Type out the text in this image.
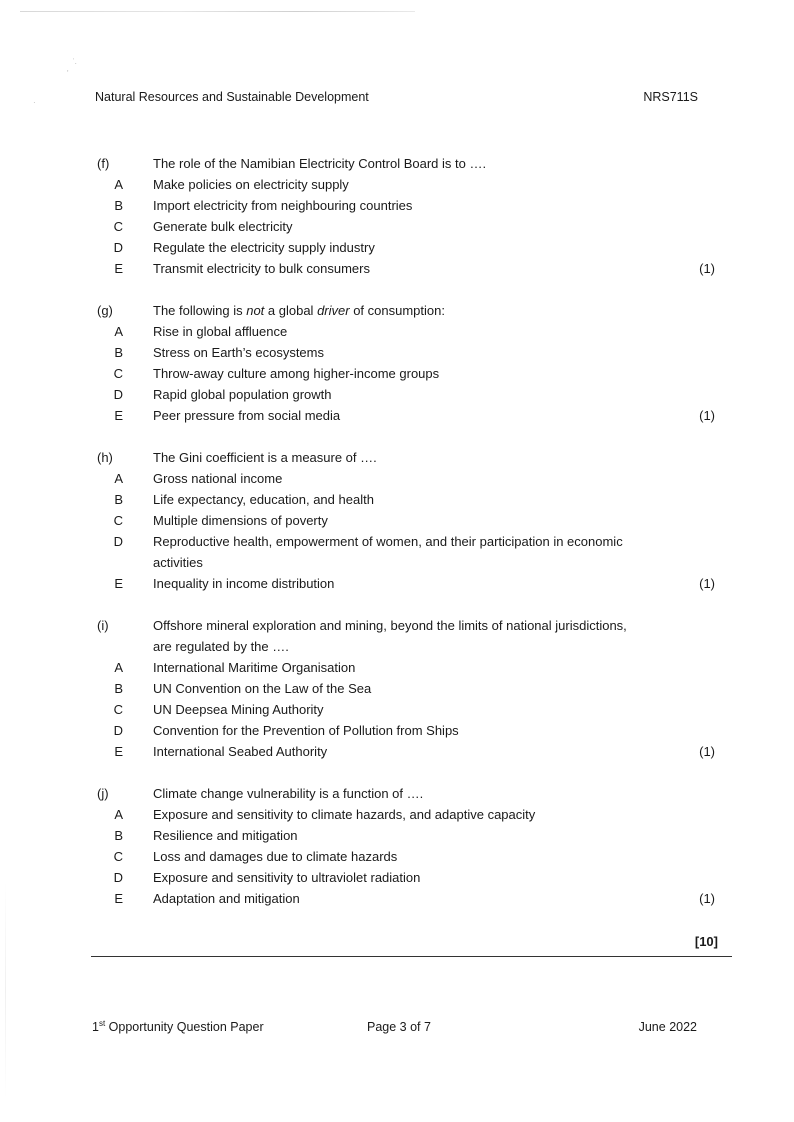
ˈ.
'
·	Natural Resources and Sustainable Development	NRS711S
(f)	The role of the Namibian Electricity Control Board is to ….
A	Make policies on electricity supply
B	Import electricity from neighbouring countries
C	Generate bulk electricity
D	Regulate the electricity supply industry
E	Transmit electricity to bulk consumers	(1)
(g)	The following is not a global driver of consumption:
A	Rise in global affluence
B	Stress on Earth’s ecosystems
C	Throw-away culture among higher-income groups
D	Rapid global population growth
E	Peer pressure from social media	(1)
(h)	The Gini coefficient is a measure of ….
A	Gross national income
B	Life expectancy, education, and health
C	Multiple dimensions of poverty
D	Reproductive health, empowerment of women, and their participation in economic
activities
E	Inequality in income distribution	(1)
(i)	Offshore mineral exploration and mining, beyond the limits of national jurisdictions,
are regulated by the ….
A	International Maritime Organisation
B	UN Convention on the Law of the Sea
C	UN Deepsea Mining Authority
D	Convention for the Prevention of Pollution from Ships
E	International Seabed Authority	(1)
(j)	Climate change vulnerability is a function of ….
A	Exposure and sensitivity to climate hazards, and adaptive capacity
B	Resilience and mitigation
C	Loss and damages due to climate hazards
D	Exposure and sensitivity to ultraviolet radiation
E	Adaptation and mitigation	(1)
[10]
1st Opportunity Question Paper	Page 3 of 7	June 2022
